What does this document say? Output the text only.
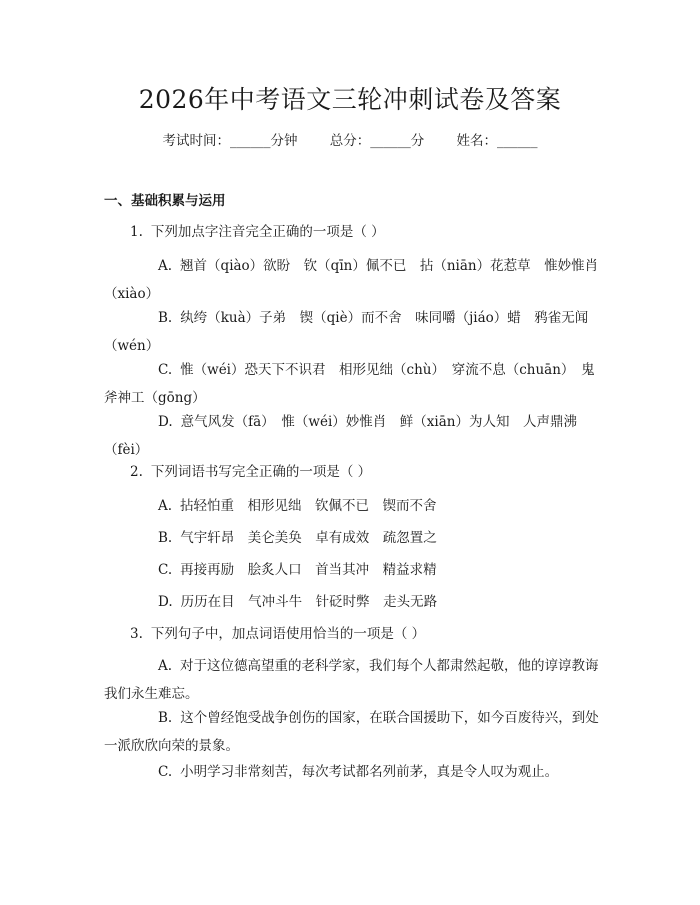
2026年中考语文三轮冲刺试卷及答案
考试时间：______分钟 总分：______分 姓名：______
一、基础积累与运用
1. 下列加点字注音完全正确的一项是（ ）
A. 翘首（qiào）欲盼　钦（qīn）佩不已　拈（niān）花惹草　惟妙惟肖（xiào）
B. 纨绔（kuà）子弟　锲（qiè）而不舍　味同嚼（jiáo）蜡　鸦雀无闻（wén）
C. 惟（wéi）恐天下不识君　相形见绌（chù）　穿流不息（chuān）　鬼斧神工（gōng）
D. 意气风发（fā）　惟（wéi）妙惟肖　鲜（xiān）为人知　人声鼎沸（fèi）
2. 下列词语书写完全正确的一项是（ ）
A. 拈轻怕重　相形见绌　钦佩不已　锲而不舍
B. 气宇轩昂　美仑美奂　卓有成效　疏忽置之
C. 再接再励　脍炙人口　首当其冲　精益求精
D. 历历在目　气冲斗牛　针砭时弊　走头无路
3. 下列句子中，加点词语使用恰当的一项是（ ）
A. 对于这位德高望重的老科学家，我们每个人都肃然起敬，他的谆谆教诲我们永生难忘。
B. 这个曾经饱受战争创伤的国家，在联合国援助下，如今百废待兴，到处一派欣欣向荣的景象。
C. 小明学习非常刻苦，每次考试都名列前茅，真是令人叹为观止。
